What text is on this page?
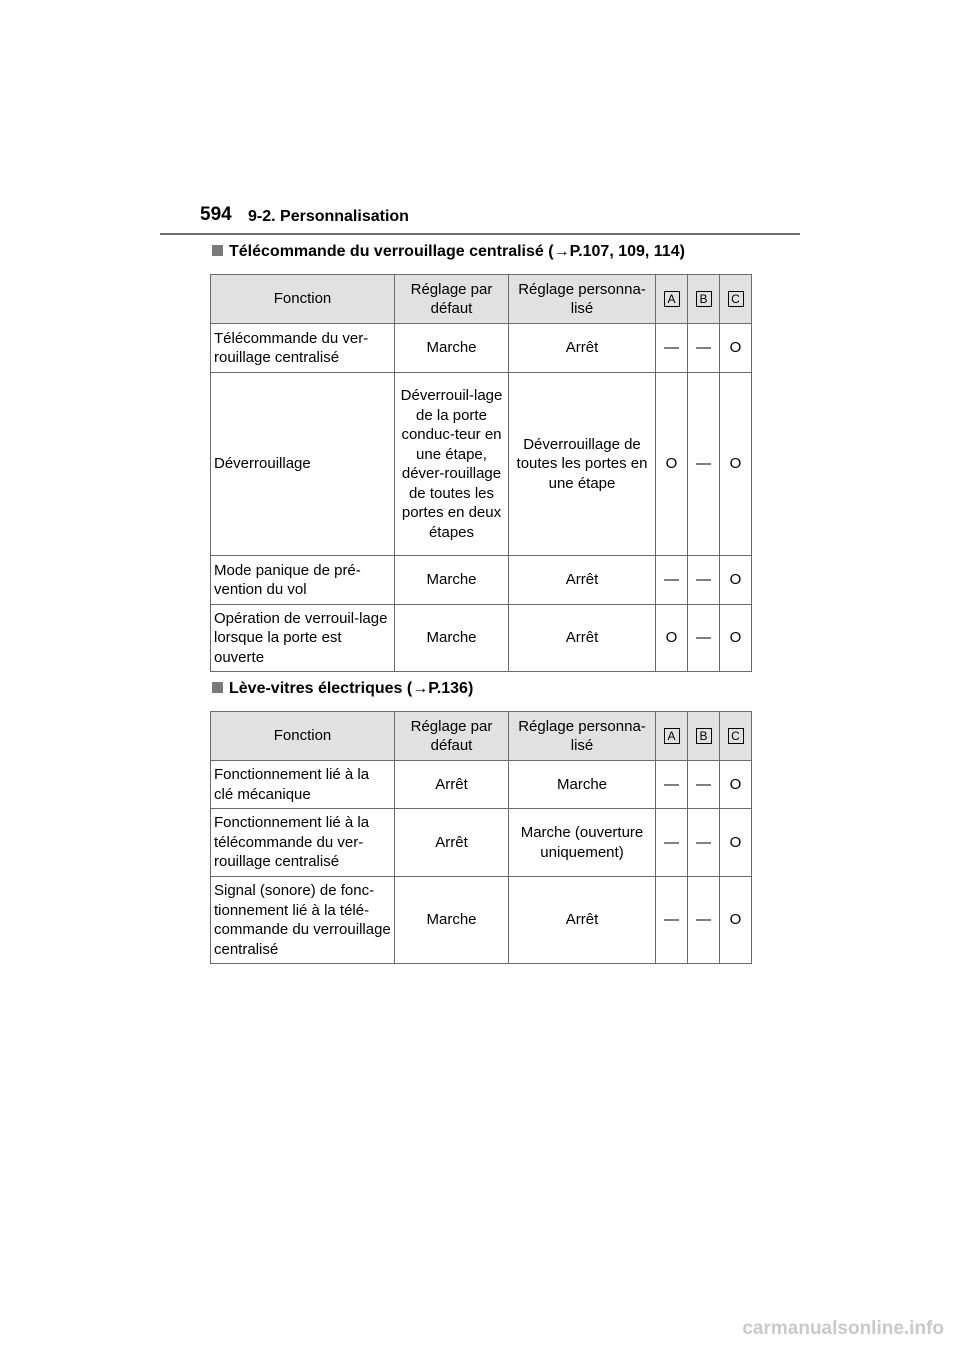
594 9-2. Personnalisation
Télécommande du verrouillage centralisé (→P.107, 109, 114)
Fonction	Réglage par défaut	Réglage personna-lisé	A	B	C
Télécommande du ver-rouillage centralisé	Marche	Arrêt	—	—	O
Déverrouillage	Déverrouil-lage de la porte conduc-teur en une étape, déver-rouillage de toutes les portes en deux étapes	Déverrouillage de toutes les portes en une étape	O	—	O
Mode panique de pré-vention du vol	Marche	Arrêt	—	—	O
Opération de verrouil-lage lorsque la porte est ouverte	Marche	Arrêt	O	—	O
Lève-vitres électriques (→P.136)
Fonction	Réglage par défaut	Réglage personna-lisé	A	B	C
Fonctionnement lié à la clé mécanique	Arrêt	Marche	—	—	O
Fonctionnement lié à la télécommande du ver-rouillage centralisé	Arrêt	Marche (ouverture uniquement)	—	—	O
Signal (sonore) de fonc-tionnement lié à la télé-commande du verrouillage centralisé	Marche	Arrêt	—	—	O
carmanualsonline.info
